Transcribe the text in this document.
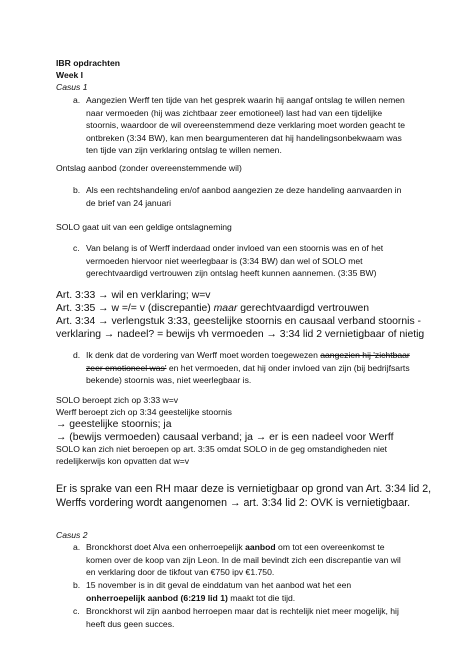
IBR opdrachten
Week I
Casus 1
a. Aangezien Werff ten tijde van het gesprek waarin hij aangaf ontslag te willen nemen
naar vermoeden (hij was zichtbaar zeer emotioneel) last had van een tijdelijke
stoornis, waardoor de wil overeenstemmend deze verklaring moet worden geacht te
ontbreken (3:34 BW), kan men beargumenteren dat hij handelingsonbekwaam was
ten tijde van zijn verklaring ontslag te willen nemen.
Ontslag aanbod (zonder overeenstemmende wil)
b. Als een rechtshandeling en/of aanbod aangezien ze deze handeling aanvaarden in
de brief van 24 januari
SOLO gaat uit van een geldige ontslagneming
c. Van belang is of Werff inderdaad onder invloed van een stoornis was en of het
vermoeden hiervoor niet weerlegbaar is (3:34 BW) dan wel of SOLO met
gerechtvaardigd vertrouwen zijn ontslag heeft kunnen aannemen. (3:35 BW)
Art. 3:33 → wil en verklaring; w=v
Art. 3:35 → w =/= v (discrepantie) maar gerechtvaardigd vertrouwen
Art. 3:34 → verlengstuk 3:33, geestelijke stoornis en causaal verband stoornis -
verklaring → nadeel? = bewijs vh vermoeden → 3:34 lid 2 vernietigbaar of nietig
d. Ik denk dat de vordering van Werff moet worden toegewezen aangezien hij 'zichtbaar
zeer emotioneel was' en het vermoeden, dat hij onder invloed van zijn (bij bedrijfsarts
bekende) stoornis was, niet weerlegbaar is.
SOLO beroept zich op 3:33 w=v
Werff beroept zich op 3:34 geestelijke stoornis
→ geestelijke stoornis; ja
→ (bewijs vermoeden) causaal verband; ja → er is een nadeel voor Werff
SOLO kan zich niet beroepen op art. 3:35 omdat SOLO in de geg omstandigheden niet
redelijkerwijs kon opvatten dat w=v
Er is sprake van een RH maar deze is vernietigbaar op grond van Art. 3:34 lid 2,
Werffs vordering wordt aangenomen → art. 3:34 lid 2: OVK is vernietigbaar.
Casus 2
a. Bronckhorst doet Alva een onherroepelijk aanbod om tot een overeenkomst te
komen over de koop van zijn Leon. In de mail bevindt zich een discrepantie van wil
en verklaring door de tikfout van €750 ipv €1.750.
b. 15 november is in dit geval de einddatum van het aanbod wat het een
onherroepelijk aanbod (6:219 lid 1) maakt tot die tijd.
c. Bronckhorst wil zijn aanbod herroepen maar dat is rechtelijk niet meer mogelijk, hij
heeft dus geen succes.
